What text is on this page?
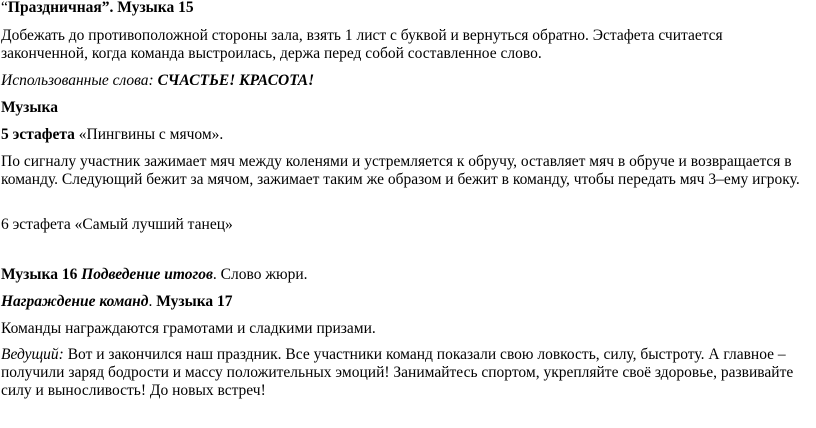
“Праздничная”. Музыка 15

Добежать до противоположной стороны зала, взять 1 лист с буквой и вернуться обратно. Эстафета считается законченной, когда команда выстроилась, держа перед собой составленное слово.

Использованные слова: СЧАСТЬЕ! КРАСОТА!

Музыка

5 эстафета «Пингвины с мячом».

По сигналу участник зажимает мяч между коленями и устремляется к обручу, оставляет мяч в обруче и возвращается в команду. Следующий бежит за мячом, зажимает таким же образом и бежит в команду, чтобы передать мяч 3–ему игроку.

6 эстафета «Самый лучший танец»

Музыка 16 Подведение итогов. Слово жюри.

Награждение команд. Музыка 17

Команды награждаются грамотами и сладкими призами.

Ведущий: Вот и закончился наш праздник. Все участники команд показали свою ловкость, силу, быстроту. А главное – получили заряд бодрости и массу положительных эмоций! Занимайтесь спортом, укрепляйте своё здоровье, развивайте силу и выносливость! До новых встреч!
